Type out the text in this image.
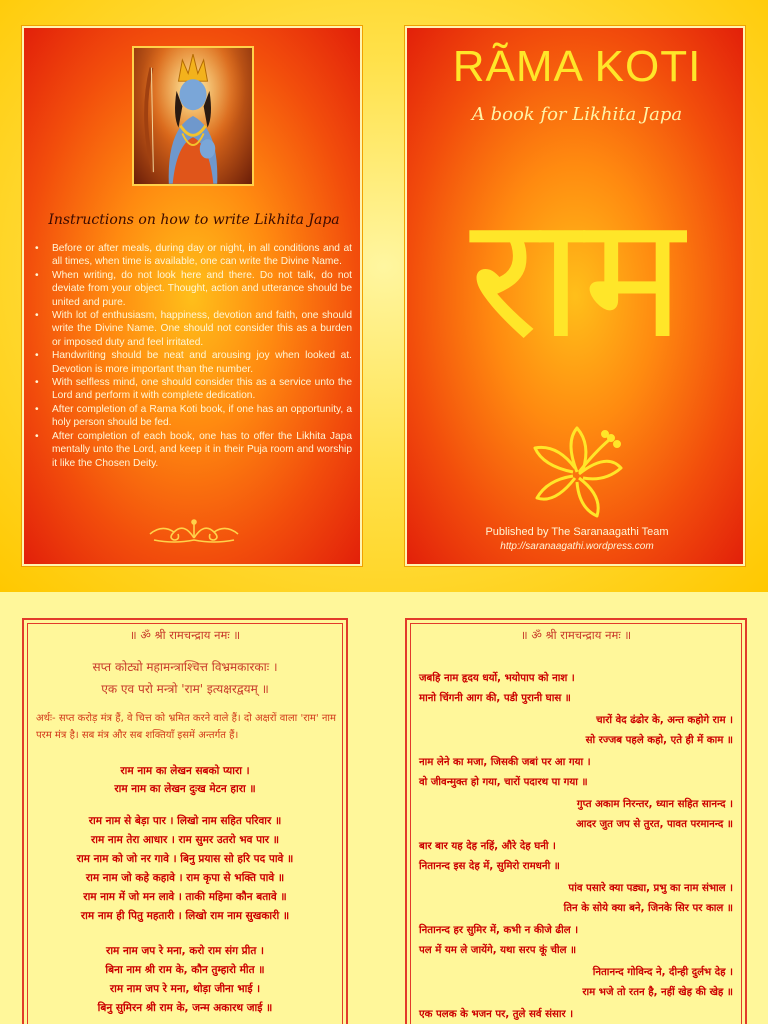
Instructions on how to write Likhita Japa
• Before or after meals, during day or night, in all conditions and at all times, when time is available, one can write the Divine Name.
• When writing, do not look here and there. Do not talk, do not deviate from your object. Thought, action and utterance should be united and pure.
• With lot of enthusiasm, happiness, devotion and faith, one should write the Divine Name. One should not consider this as a burden or imposed duty and feel irritated.
• Handwriting should be neat and arousing joy when looked at. Devotion is more important than the number.
• With selfless mind, one should consider this as a service unto the Lord and perform it with complete dedication.
• After completion of a Rama Koti book, if one has an opportunity, a holy person should be fed.
• After completion of each book, one has to offer the Likhita Japa mentally unto the Lord, and keep it in their Puja room and worship it like the Chosen Deity.
RÃMA KOTI
A book for Likhita Japa
राम
Published by The Saranaagathi Team
http://saranaagathi.wordpress.com
॥ ॐ श्री रामचन्द्राय नमः ॥
सप्त कोट्यो महामन्त्राश्चित्त विभ्रमकारकाः ।
एक एव परो मन्त्रो 'राम' इत्यक्षरद्वयम् ॥
अर्थः- सप्त करोड़ मंत्र हैं, वे चित्त को भ्रमित करने वाले हैं। दो अक्षरों वाला 'राम' नाम परम मंत्र है। सब मंत्र और सब शक्तियाँ इसमें अन्तर्गत हैं।
राम नाम का लेखन सबको प्यारा ।
राम नाम का लेखन दुःख मेटन हारा ॥
राम नाम से बेड़ा पार । लिखो नाम सहित परिवार ॥
राम नाम तेरा आधार । राम सुमर उतरो भव पार ॥
राम नाम को जो नर गावे । बिनु प्रयास सो हरि पद पावे ॥
राम नाम जो कहे कहावे । राम कृपा से भक्ति पावे ॥
राम नाम में जो मन लावे । ताकी महिमा कौन बतावे ॥
राम नाम ही पितु महतारी । लिखो राम नाम सुखकारी ॥
राम नाम जप रे मना, करो राम संग प्रीत ।
बिना नाम श्री राम के, कौन तुम्हारो मीत ॥
राम नाम जप रे मना, थोड़ा जीना भाई ।
बिनु सुमिरन श्री राम के, जन्म अकारथ जाई ॥
॥ ॐ श्री रामचन्द्राय नमः ॥
जबहि नाम हृदय धर्यो, भयोपाप को नाश ।
मानो चिंगनी आग की, पडी पुरानी घास ॥
चारों वेद ढंढोर के, अन्त कहोगे राम ।
सो रज्जब पहले कहो, एते ही में काम ॥
नाम लेने का मजा, जिसकी जबां पर आ गया ।
वो जीवन्मुक्त हो गया, चारों पदारथ पा गया ॥
गुप्त अकाम निरन्तर, ध्यान सहित सानन्द ।
आदर जुत जप से तुरत, पावत परमानन्द ॥
बार बार यह देह नहिं, औरे देह घनी ।
नितानन्द इस देह में, सुमिरो रामधनी ॥
पांव पसारे क्या पड्या, प्रभु का नाम संभाल ।
तिन के सोये क्या बने, जिनके सिर पर काल ॥
नितानन्द हर सुमिर में, कभी न कीजे ढील ।
पल में यम ले जायेंगे, यथा सरप कूं चील ॥
नितानन्द गोविन्द ने, दीन्ही दुर्लभ देह ।
राम भजे तो रतन है, नहीं खेह की खेह ॥
एक पलक के भजन पर, तुले सर्व संसार ।
